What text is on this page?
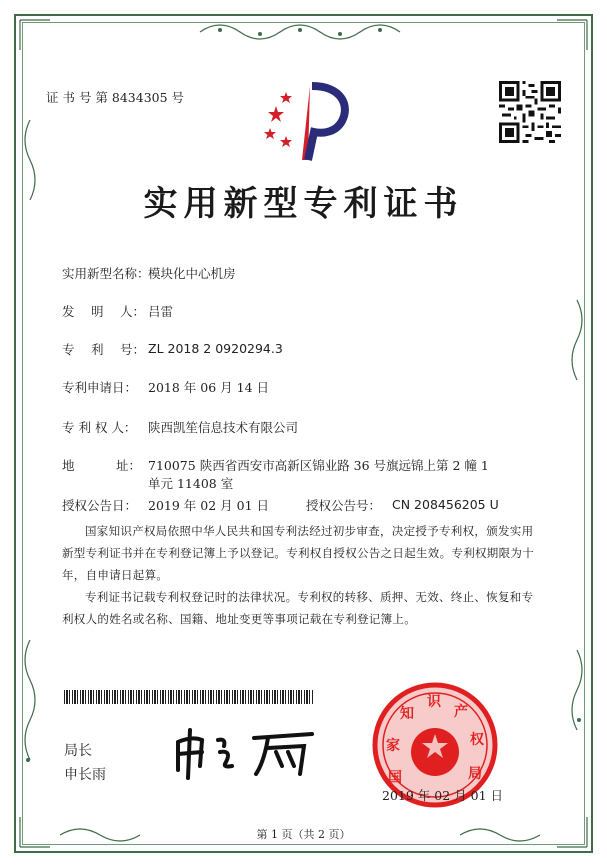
证 书 号 第 8434305 号
实用新型专利证书
实用新型名称：
模块化中心机房
发　 明　 人： 吕雷
专　 利　 号： ZL 2018 2 0920294.3
专利申请日： 2018 年 06 月 14 日
专 利 权 人： 陕西凯笙信息技术有限公司
地　　　 址： 710075 陕西省西安市高新区锦业路 36 号旗远锦上第 2 幢 1
单元 11408 室
授权公告日： 2019 年 02 月 01 日	授权公告号： CN 208456205 U
国家知识产权局依照中华人民共和国专利法经过初步审查，决定授予专利权，颁发实用新型专利证书并在专利登记簿上予以登记。专利权自授权公告之日起生效。专利权期限为十年，自申请日起算。
专利证书记载专利权登记时的法律状况。专利权的转移、质押、无效、终止、恢复和专利权人的姓名或名称、国籍、地址变更等事项记载在专利登记簿上。
局长
申长雨	国
家
知
识
产
权
局
2019 年 02 月 01 日
第 1 页（共 2 页）
